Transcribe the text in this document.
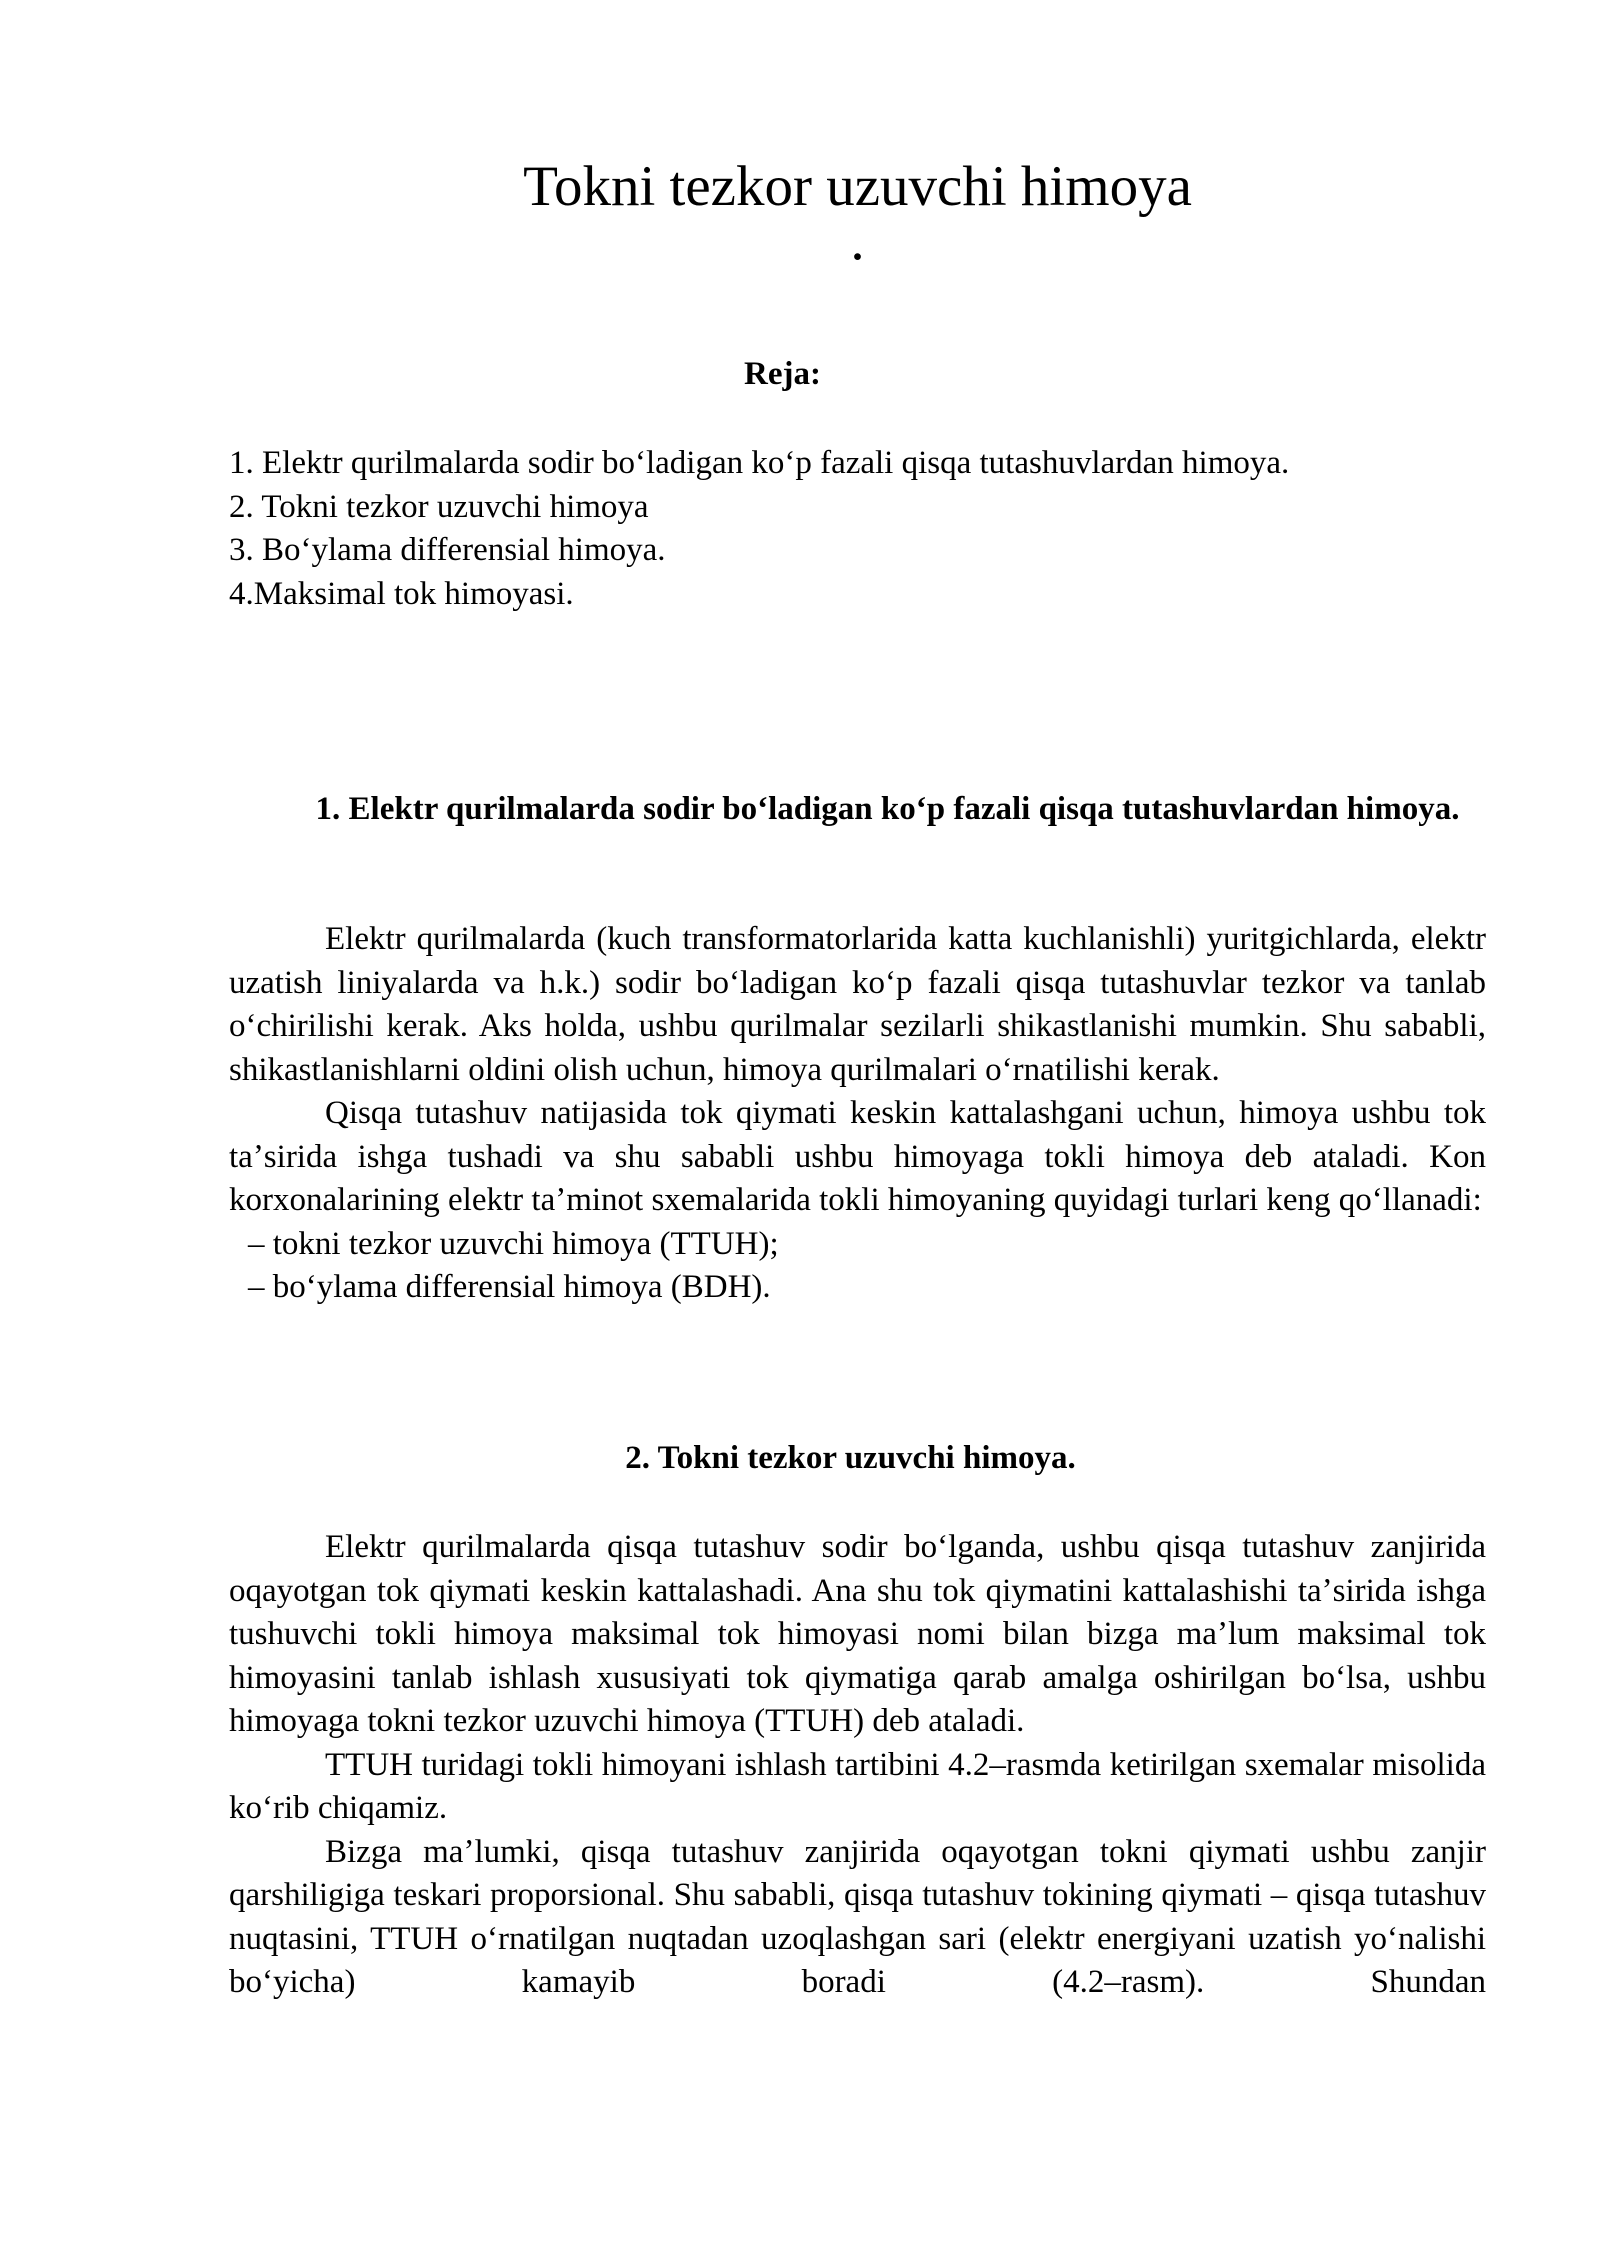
Tokni tezkor uzuvchi himoya
.
Reja:
1. Elektr qurilmalarda sodir boʻladigan koʻp fazali qisqa tutashuvlardan himoya.
2. Tokni tezkor uzuvchi himoya
3. Boʻylama differensial himoya.
4.Maksimal tok himoyasi.
1. Elektr qurilmalarda sodir boʻladigan koʻp fazali qisqa tutashuvlardan himoya.

Elektr qurilmalarda (kuch transformatorlarida katta kuchlanishli) yuritgichlarda, elektr uzatish liniyalarda va h.k.) sodir boʻladigan koʻp fazali qisqa tutashuvlar tezkor va tanlab oʻchirilishi kerak. Aks holda, ushbu qurilmalar sezilarli shikastlanishi mumkin. Shu sababli, shikastlanishlarni oldini olish uchun, himoya qurilmalari oʻrnatilishi kerak.

Qisqa tutashuv natijasida tok qiymati keskin kattalashgani uchun, himoya ushbu tok taʼsirida ishga tushadi va shu sababli ushbu himoyaga tokli himoya deb ataladi. Kon korxonalarining elektr taʼminot sxemalarida tokli himoyaning quyidagi turlari keng qoʻllanadi:

– tokni tezkor uzuvchi himoya (TTUH);
– boʻylama differensial himoya (BDH).
2. Tokni tezkor uzuvchi himoya.

Elektr qurilmalarda qisqa tutashuv sodir boʻlganda, ushbu qisqa tutashuv zanjirida oqayotgan tok qiymati keskin kattalashadi. Ana shu tok qiymatini kattalashishi taʼsirida ishga tushuvchi tokli himoya maksimal tok himoyasi nomi bilan bizga maʼlum maksimal tok himoyasini tanlab ishlash xususiyati tok qiymatiga qarab amalga oshirilgan boʻlsa, ushbu himoyaga tokni tezkor uzuvchi himoya (TTUH) deb ataladi.

TTUH turidagi tokli himoyani ishlash tartibini 4.2–rasmda ketirilgan sxemalar misolida koʻrib chiqamiz.

Bizga maʼlumki, qisqa tutashuv zanjirida oqayotgan tokni qiymati ushbu zanjir qarshiligiga teskari proporsional. Shu sababli, qisqa tutashuv tokining qiymati – qisqa tutashuv nuqtasini, TTUH oʻrnatilgan nuqtadan uzoqlashgan sari (elektr energiyani uzatish yoʻnalishi boʻyicha) kamayib boradi (4.2–rasm). Shundan
